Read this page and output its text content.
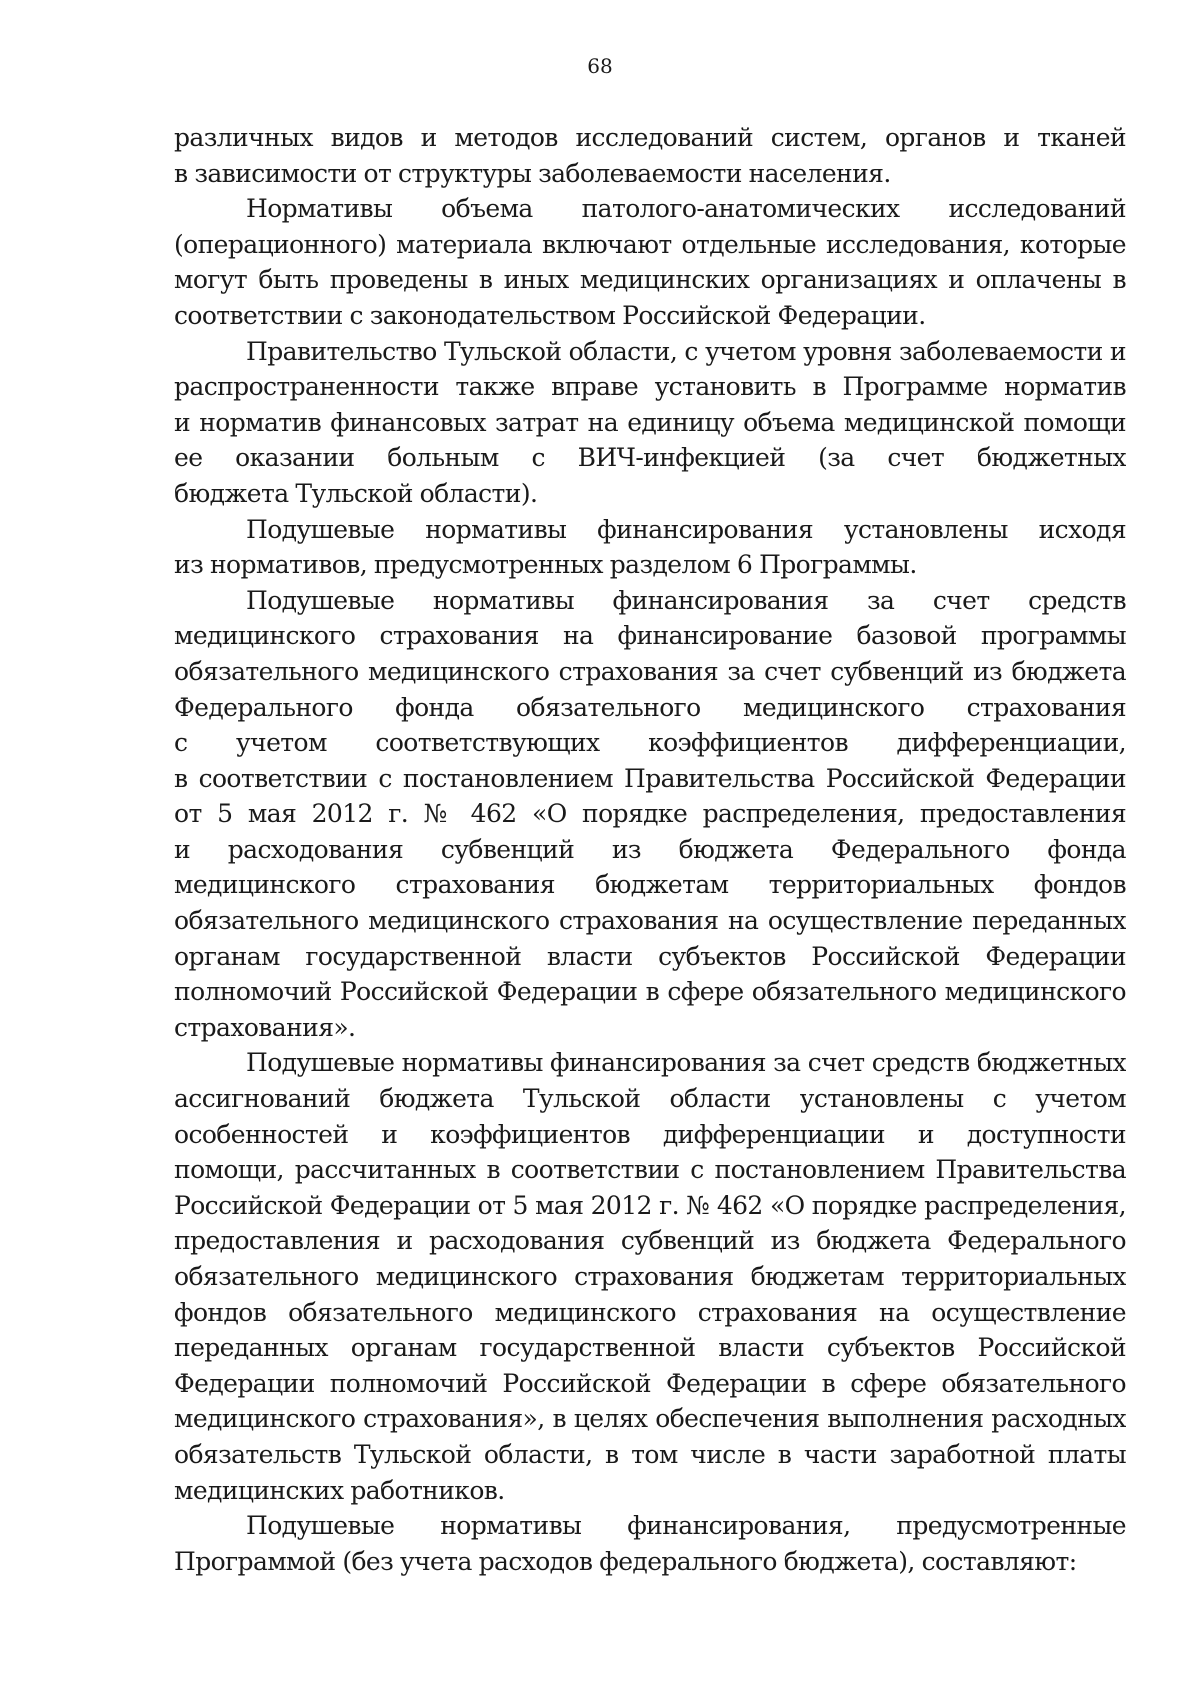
68
различных видов и методов исследований систем, органов и тканей
в зависимости от структуры заболеваемости населения.
Нормативы объема патолого-анатомических исследований
(операционного) материала включают отдельные исследования, которые
могут быть проведены в иных медицинских организациях и оплачены в
соответствии с законодательством Российской Федерации.
Правительство Тульской области, с учетом уровня заболеваемости и
распространенности также вправе установить в Программе норматив
и норматив финансовых затрат на единицу объема медицинской помощи
ее оказании больным с ВИЧ-инфекцией (за счет бюджетных
бюджета Тульской области).
Подушевые нормативы финансирования установлены исходя
из нормативов, предусмотренных разделом 6 Программы.
Подушевые нормативы финансирования за счет средств
медицинского страхования на финансирование базовой программы
обязательного медицинского страхования за счет субвенций из бюджета
Федерального фонда обязательного медицинского страхования
с учетом соответствующих коэффициентов дифференциации,
в соответствии с постановлением Правительства Российской Федерации
от 5 мая 2012 г. № 462 «О порядке распределения, предоставления
и расходования субвенций из бюджета Федерального фонда
медицинского страхования бюджетам территориальных фондов
обязательного медицинского страхования на осуществление переданных
органам государственной власти субъектов Российской Федерации
полномочий Российской Федерации в сфере обязательного медицинского
страхования».
Подушевые нормативы финансирования за счет средств бюджетных
ассигнований бюджета Тульской области установлены с учетом
особенностей и коэффициентов дифференциации и доступности
помощи, рассчитанных в соответствии с постановлением Правительства
Российской Федерации от 5 мая 2012 г. № 462 «О порядке распределения,
предоставления и расходования субвенций из бюджета Федерального
обязательного медицинского страхования бюджетам территориальных
фондов обязательного медицинского страхования на осуществление
переданных органам государственной власти субъектов Российской
Федерации полномочий Российской Федерации в сфере обязательного
медицинского страхования», в целях обеспечения выполнения расходных
обязательств Тульской области, в том числе в части заработной платы
медицинских работников.
Подушевые нормативы финансирования, предусмотренные
Программой (без учета расходов федерального бюджета), составляют:
